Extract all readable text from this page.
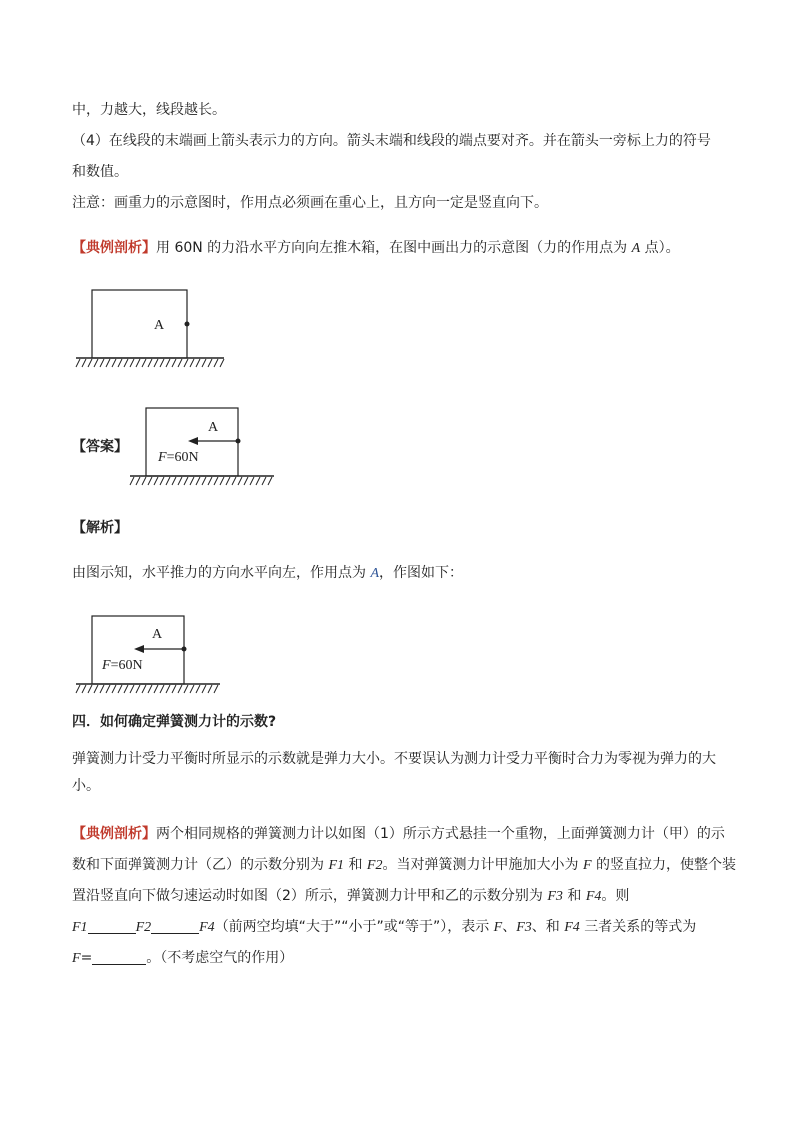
中，力越大，线段越长。
（4）在线段的末端画上箭头表示力的方向。箭头末端和线段的端点要对齐。并在箭头一旁标上力的符号
和数值。
注意：画重力的示意图时，作用点必须画在重心上，且方向一定是竖直向下。
【典例剖析】用 60N 的力沿水平方向向左推木箱，在图中画出力的示意图（力的作用点为 A 点）。
A
【答案】
A
F=60N
【解析】
由图示知，水平推力的方向水平向左，作用点为 A，作图如下：
A
F=60N
四．如何确定弹簧测力计的示数?
弹簧测力计受力平衡时所显示的示数就是弹力大小。不要误认为测力计受力平衡时合力为零视为弹力的大
小。
【典例剖析】两个相同规格的弹簧测力计以如图（1）所示方式悬挂一个重物，上面弹簧测力计（甲）的示
数和下面弹簧测力计（乙）的示数分别为 F1 和 F2。当对弹簧测力计甲施加大小为 F 的竖直拉力，使整个装
置沿竖直向下做匀速运动时如图（2）所示，弹簧测力计甲和乙的示数分别为 F3 和 F4。则
F1	F2	F4（前两空均填“大于”“小于”或“等于”），表示 F、F3、和 F4 三者关系的等式为
F=	。（不考虑空气的作用）
